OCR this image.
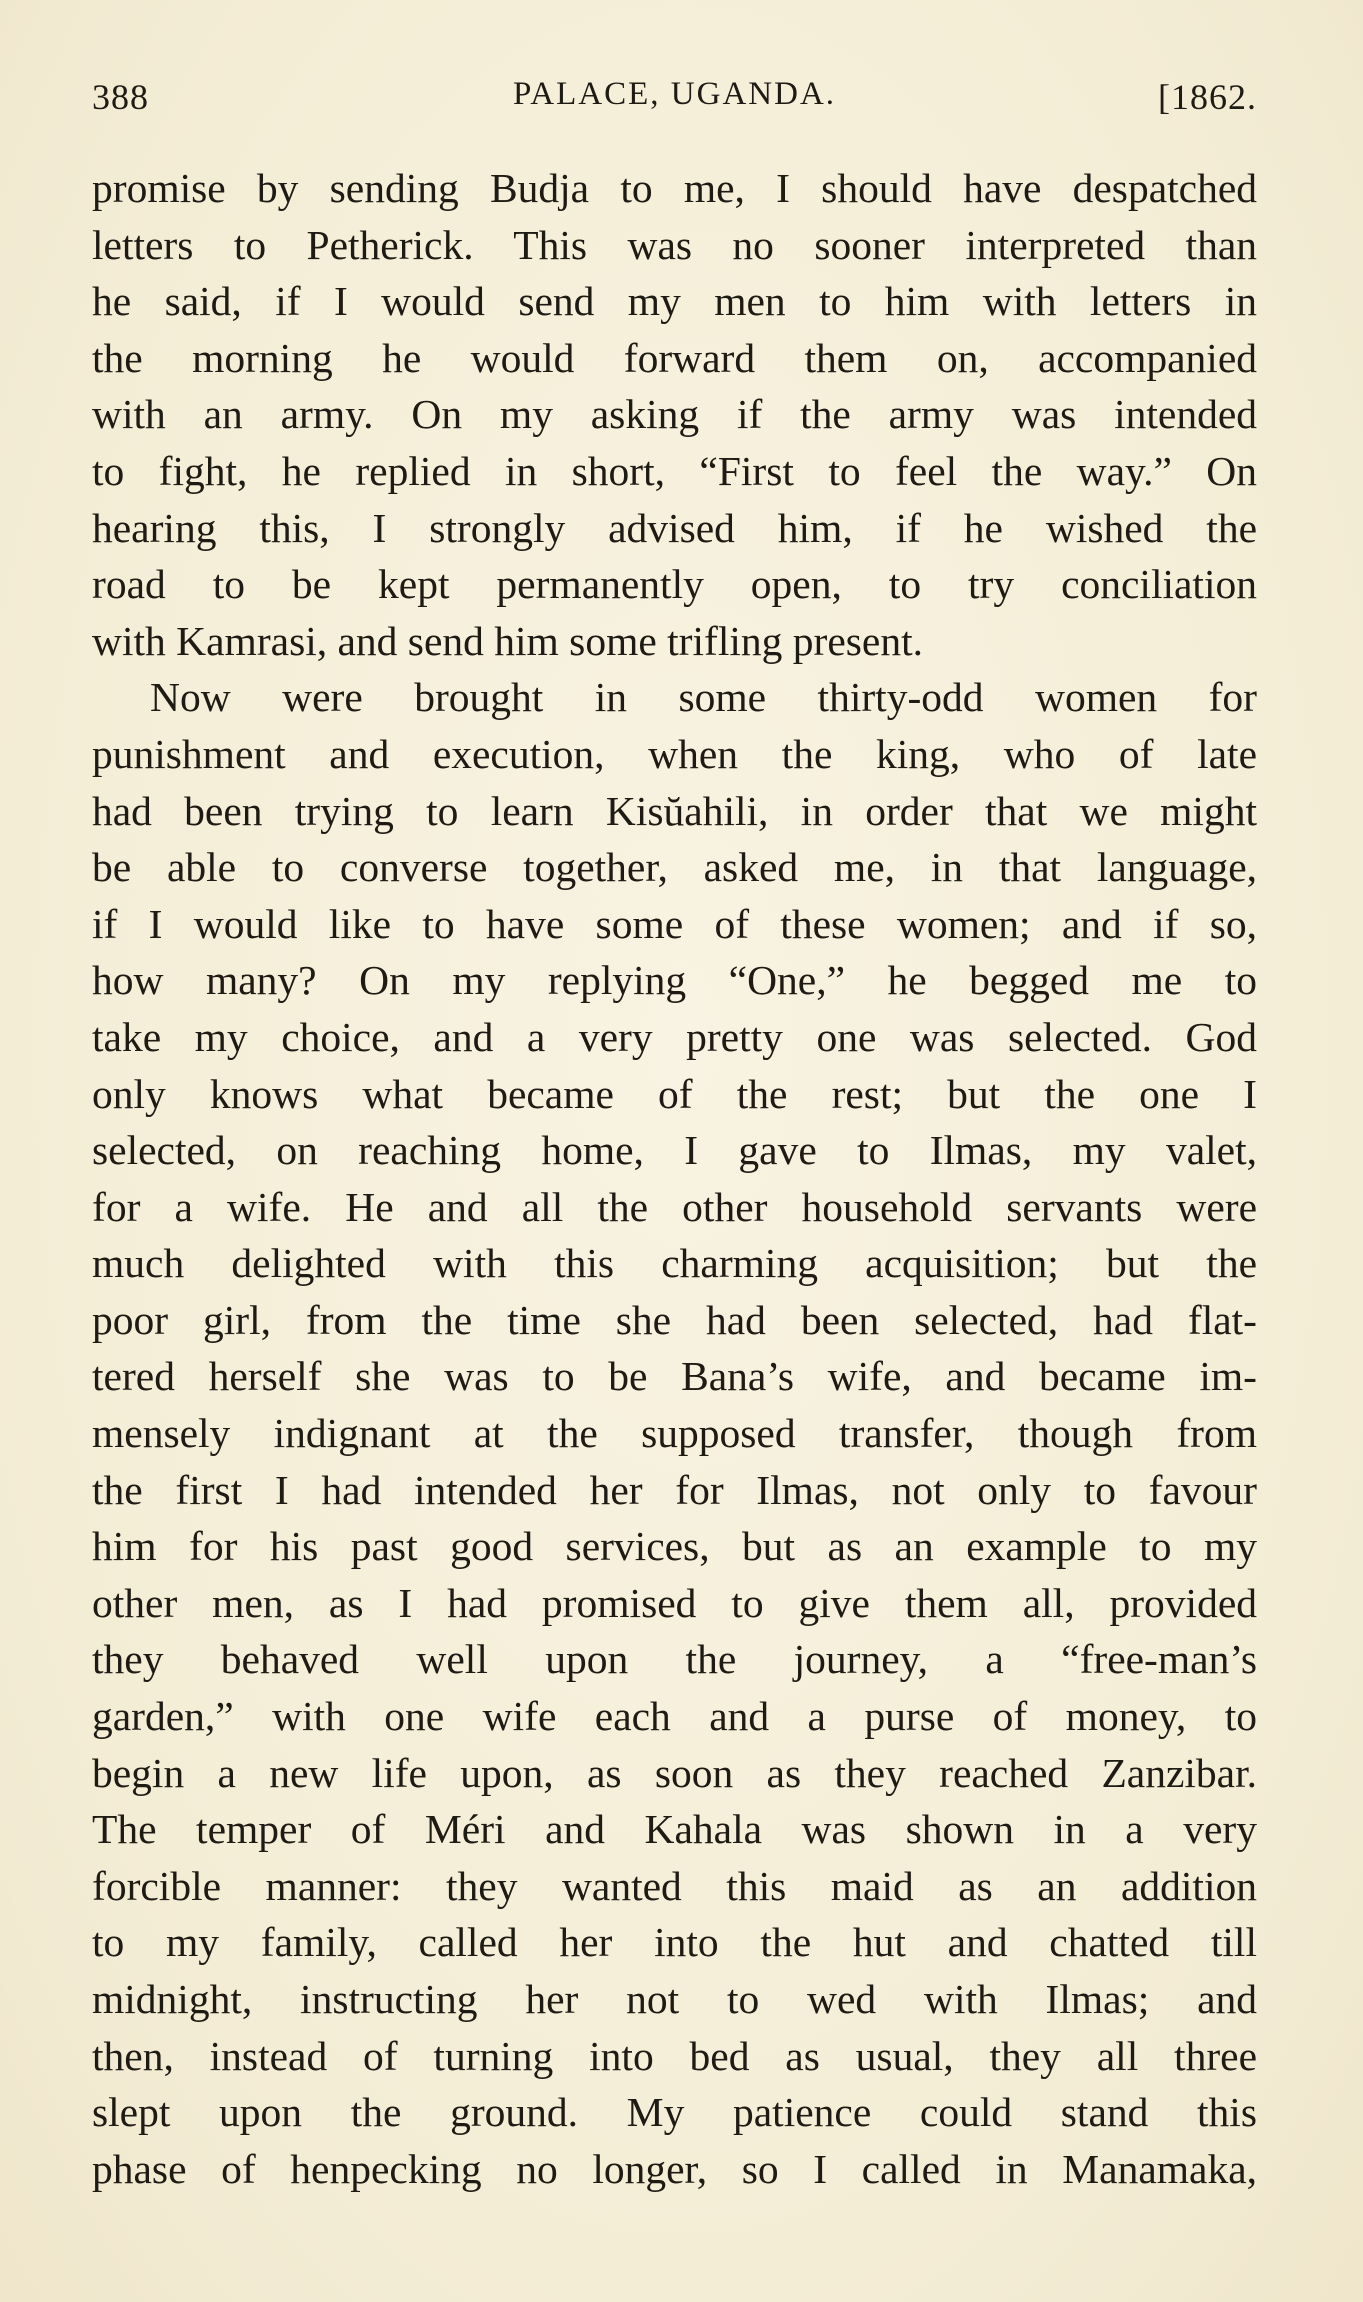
388	PALACE, UGANDA.	[1862.
promise by sending Budja to me, I should have despatched
letters to Petherick. This was no sooner interpreted than
he said, if I would send my men to him with letters in
the morning he would forward them on, accompanied
with an army. On my asking if the army was intended
to fight, he replied in short, “First to feel the way.” On
hearing this, I strongly advised him, if he wished the
road to be kept permanently open, to try conciliation
with Kamrasi, and send him some trifling present.
Now were brought in some thirty-odd women for
punishment and execution, when the king, who of late
had been trying to learn Kisŭahili, in order that we might
be able to converse together, asked me, in that language,
if I would like to have some of these women; and if so,
how many? On my replying “One,” he begged me to
take my choice, and a very pretty one was selected. God
only knows what became of the rest; but the one I
selected, on reaching home, I gave to Ilmas, my valet,
for a wife. He and all the other household servants were
much delighted with this charming acquisition; but the
poor girl, from the time she had been selected, had flat-
tered herself she was to be Bana’s wife, and became im-
mensely indignant at the supposed transfer, though from
the first I had intended her for Ilmas, not only to favour
him for his past good services, but as an example to my
other men, as I had promised to give them all, provided
they behaved well upon the journey, a “free-man’s
garden,” with one wife each and a purse of money, to
begin a new life upon, as soon as they reached Zanzibar.
The temper of Méri and Kahala was shown in a very
forcible manner: they wanted this maid as an addition
to my family, called her into the hut and chatted till
midnight, instructing her not to wed with Ilmas; and
then, instead of turning into bed as usual, they all three
slept upon the ground. My patience could stand this
phase of henpecking no longer, so I called in Manamaka,
